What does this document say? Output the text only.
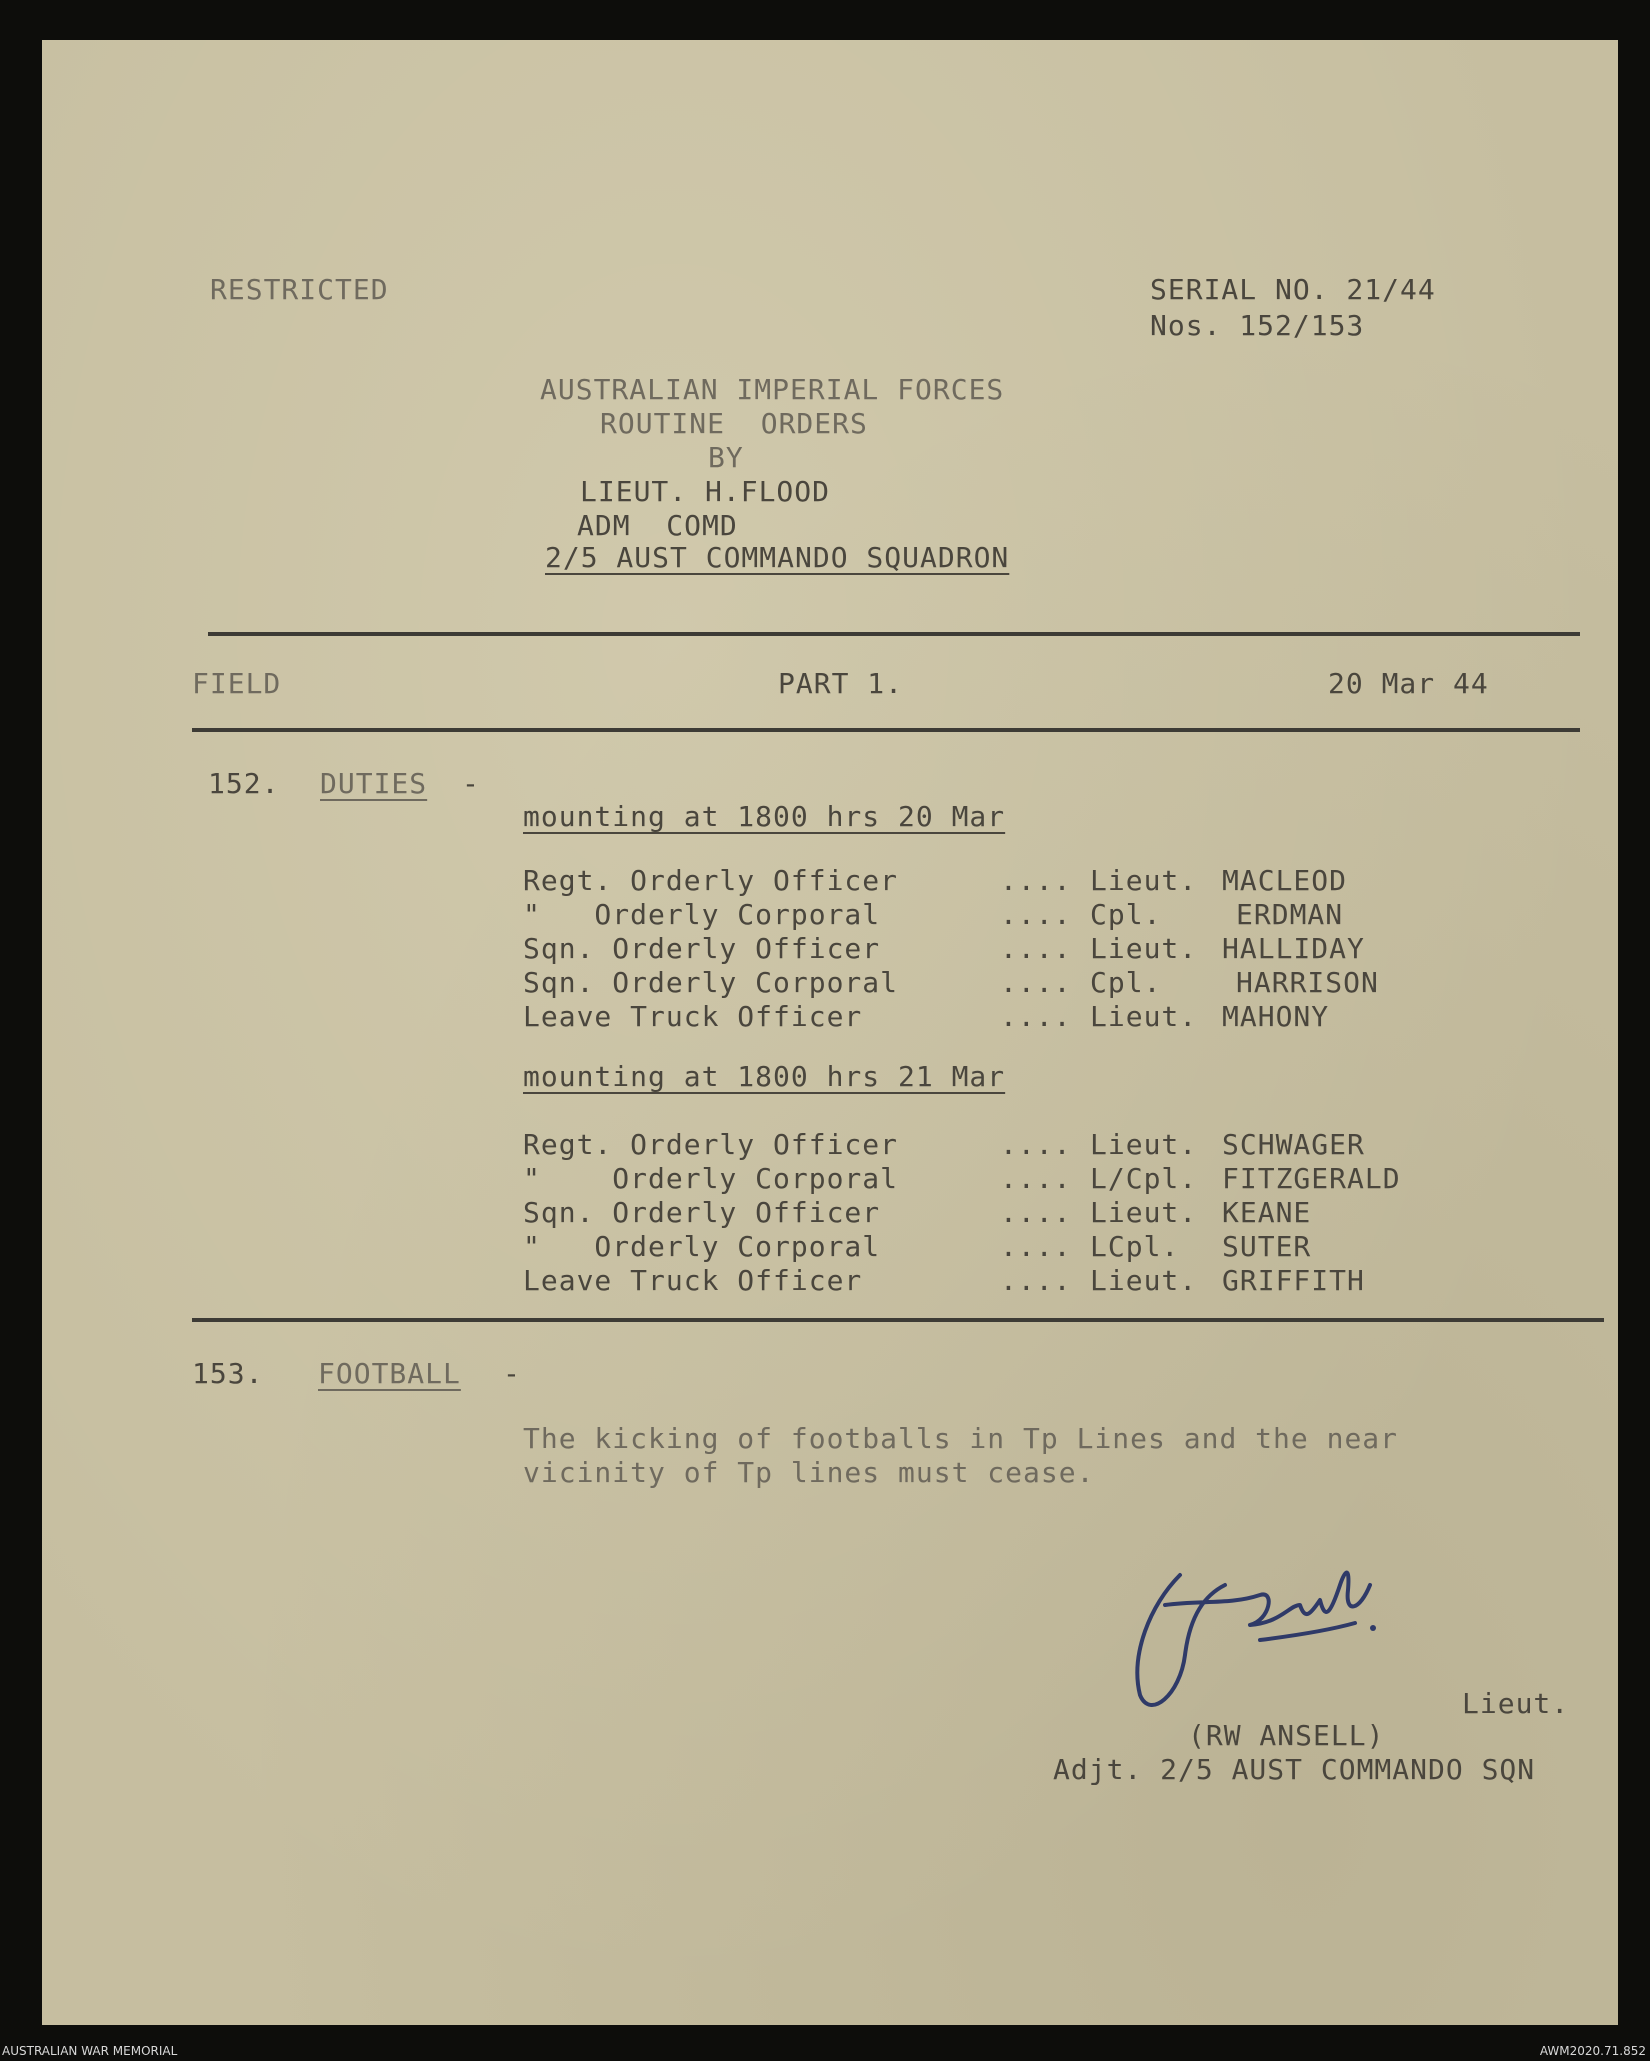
RESTRICTED	SERIAL NO. 21/44
Nos. 152/153
AUSTRALIAN IMPERIAL FORCES
ROUTINE  ORDERS
BY
LIEUT. H.FLOOD
ADM  COMD
2/5 AUST COMMANDO SQUADRON
FIELD	PART 1.	20 Mar 44
152. DUTIES -
mounting at 1800 hrs 20 Mar
Regt. Orderly Officer	.... Lieut. MACLEOD
"   Orderly Corporal	.... Cpl.	ERDMAN
Sqn. Orderly Officer	.... Lieut. HALLIDAY
Sqn. Orderly Corporal	.... Cpl.	HARRISON
Leave Truck Officer	.... Lieut. MAHONY
mounting at 1800 hrs 21 Mar
Regt. Orderly Officer	.... Lieut. SCHWAGER
"    Orderly Corporal	.... L/Cpl. FITZGERALD
Sqn. Orderly Officer	.... Lieut. KEANE
"   Orderly Corporal	.... LCpl. SUTER
Leave Truck Officer	.... Lieut. GRIFFITH
153. FOOTBALL -
The kicking of footballs in Tp Lines and the near
vicinity of Tp lines must cease.
Lieut.
(RW ANSELL)
Adjt. 2/5 AUST COMMANDO SQN
AUSTRALIAN WAR MEMORIAL	AWM2020.71.852
